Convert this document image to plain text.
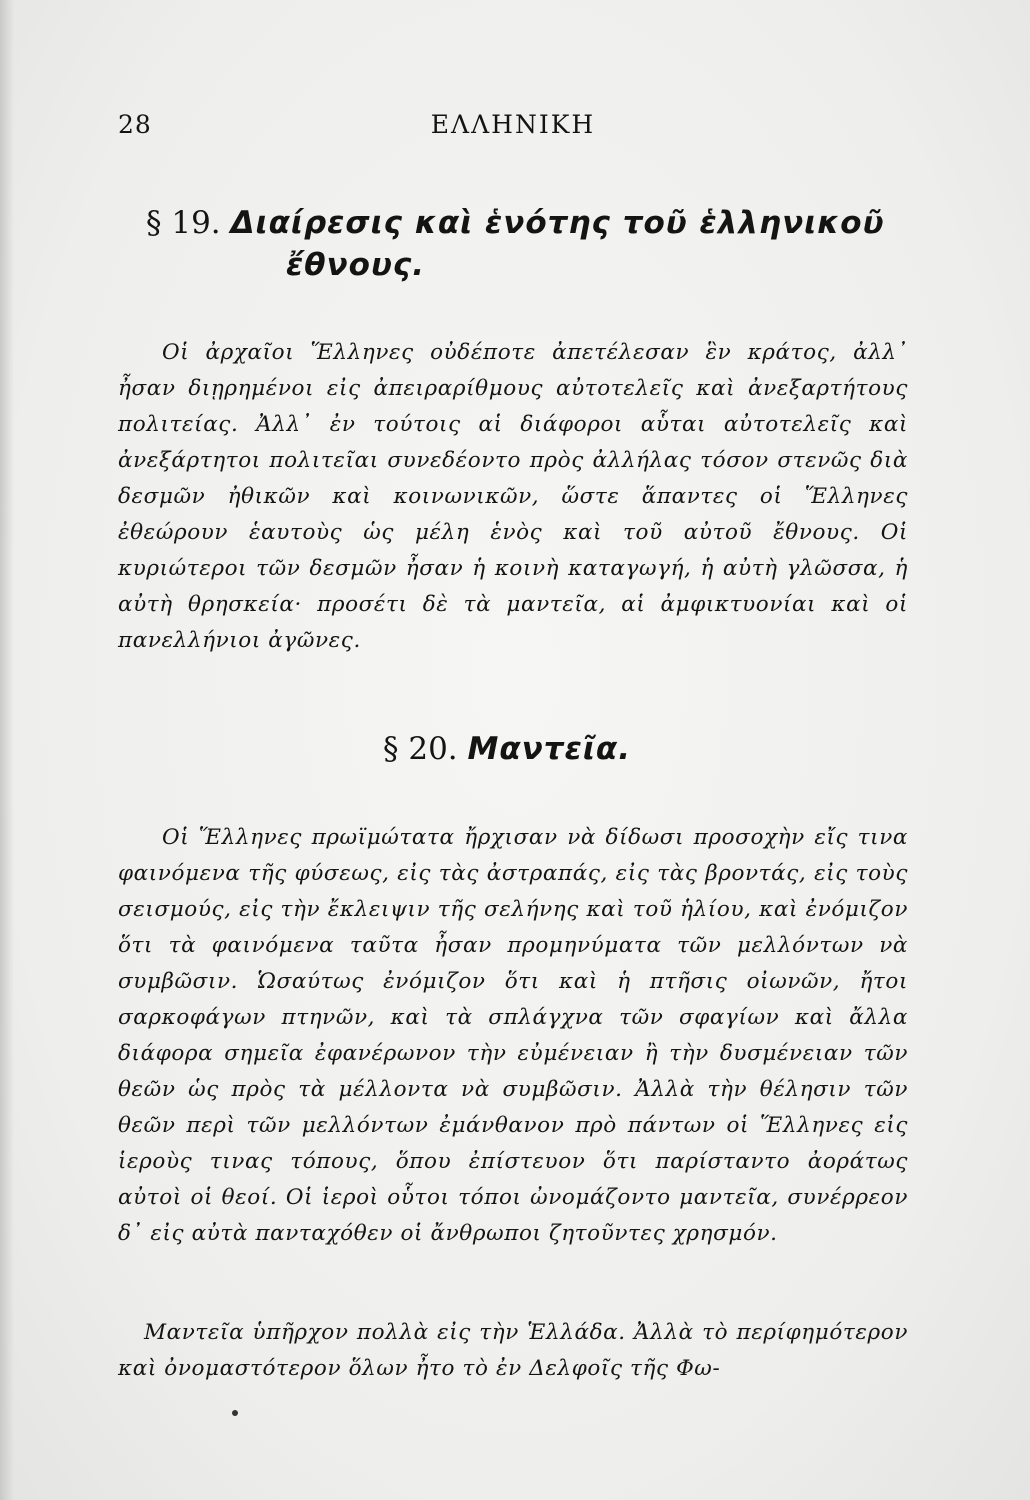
28	ΕΛΛΗΝΙΚΗ
§ 19. Διαίρεσις καὶ ἑνότης τοῦ ἑλληνικοῦ
ἔθνους.

Οἱ ἀρχαῖοι Ἕλληνες οὐδέποτε ἀπετέλεσαν ἓν κράτος, ἀλλ᾽ ἦσαν διῃρημένοι εἰς ἀπειραρίθμους αὐτοτελεῖς καὶ ἀνεξαρτήτους πολιτείας. Ἀλλ᾽ ἐν τούτοις αἱ διάφοροι αὗται αὐτοτελεῖς καὶ ἀνεξάρτητοι πολιτεῖαι συνεδέοντο πρὸς ἀλλήλας τόσον στενῶς διὰ δεσμῶν ἠθικῶν καὶ κοινωνικῶν, ὥστε ἅπαντες οἱ Ἕλληνες ἐθεώρουν ἑαυτοὺς ὡς μέλη ἑνὸς καὶ τοῦ αὐτοῦ ἔθνους. Οἱ κυριώτεροι τῶν δεσμῶν ἦσαν ἡ κοινὴ καταγωγή, ἡ αὐτὴ γλῶσσα, ἡ αὐτὴ θρησκεία· προσέτι δὲ τὰ μαντεῖα, αἱ ἀμφικτυονίαι καὶ οἱ πανελλήνιοι ἀγῶνες.

§ 20. Μαντεῖα.

Οἱ Ἕλληνες πρωϊμώτατα ἤρχισαν νὰ δίδωσι προσοχὴν εἴς τινα φαινόμενα τῆς φύσεως, εἰς τὰς ἀστραπάς, εἰς τὰς βροντάς, εἰς τοὺς σεισμούς, εἰς τὴν ἔκλειψιν τῆς σελήνης καὶ τοῦ ἡλίου, καὶ ἐνόμιζον ὅτι τὰ φαινόμενα ταῦτα ἦσαν προμηνύματα τῶν μελλόντων νὰ συμβῶσιν. Ὡσαύτως ἐνόμιζον ὅτι καὶ ἡ πτῆσις οἰωνῶν, ἤτοι σαρκοφάγων πτηνῶν, καὶ τὰ σπλάγχνα τῶν σφαγίων καὶ ἄλλα διάφορα σημεῖα ἐφανέρωνον τὴν εὐμένειαν ἢ τὴν δυσμένειαν τῶν θεῶν ὡς πρὸς τὰ μέλλοντα νὰ συμβῶσιν. Ἀλλὰ τὴν θέλησιν τῶν θεῶν περὶ τῶν μελλόντων ἐμάνθανον πρὸ πάντων οἱ Ἕλληνες εἰς ἱεροὺς τινας τόπους, ὅπου ἐπίστευον ὅτι παρίσταντο ἀοράτως αὐτοὶ οἱ θεοί. Οἱ ἱεροὶ οὗτοι τόποι ὠνομάζοντο μαντεῖα, συνέρρεον δ᾽ εἰς αὐτὰ πανταχόθεν οἱ ἄνθρωποι ζητοῦντες χρησμόν.

Μαντεῖα ὑπῆρχον πολλὰ εἰς τὴν Ἑλλάδα. Ἀλλὰ τὸ περίφημότερον καὶ ὀνομαστότερον ὅλων ἦτο τὸ ἐν Δελφοῖς τῆς Φω-
